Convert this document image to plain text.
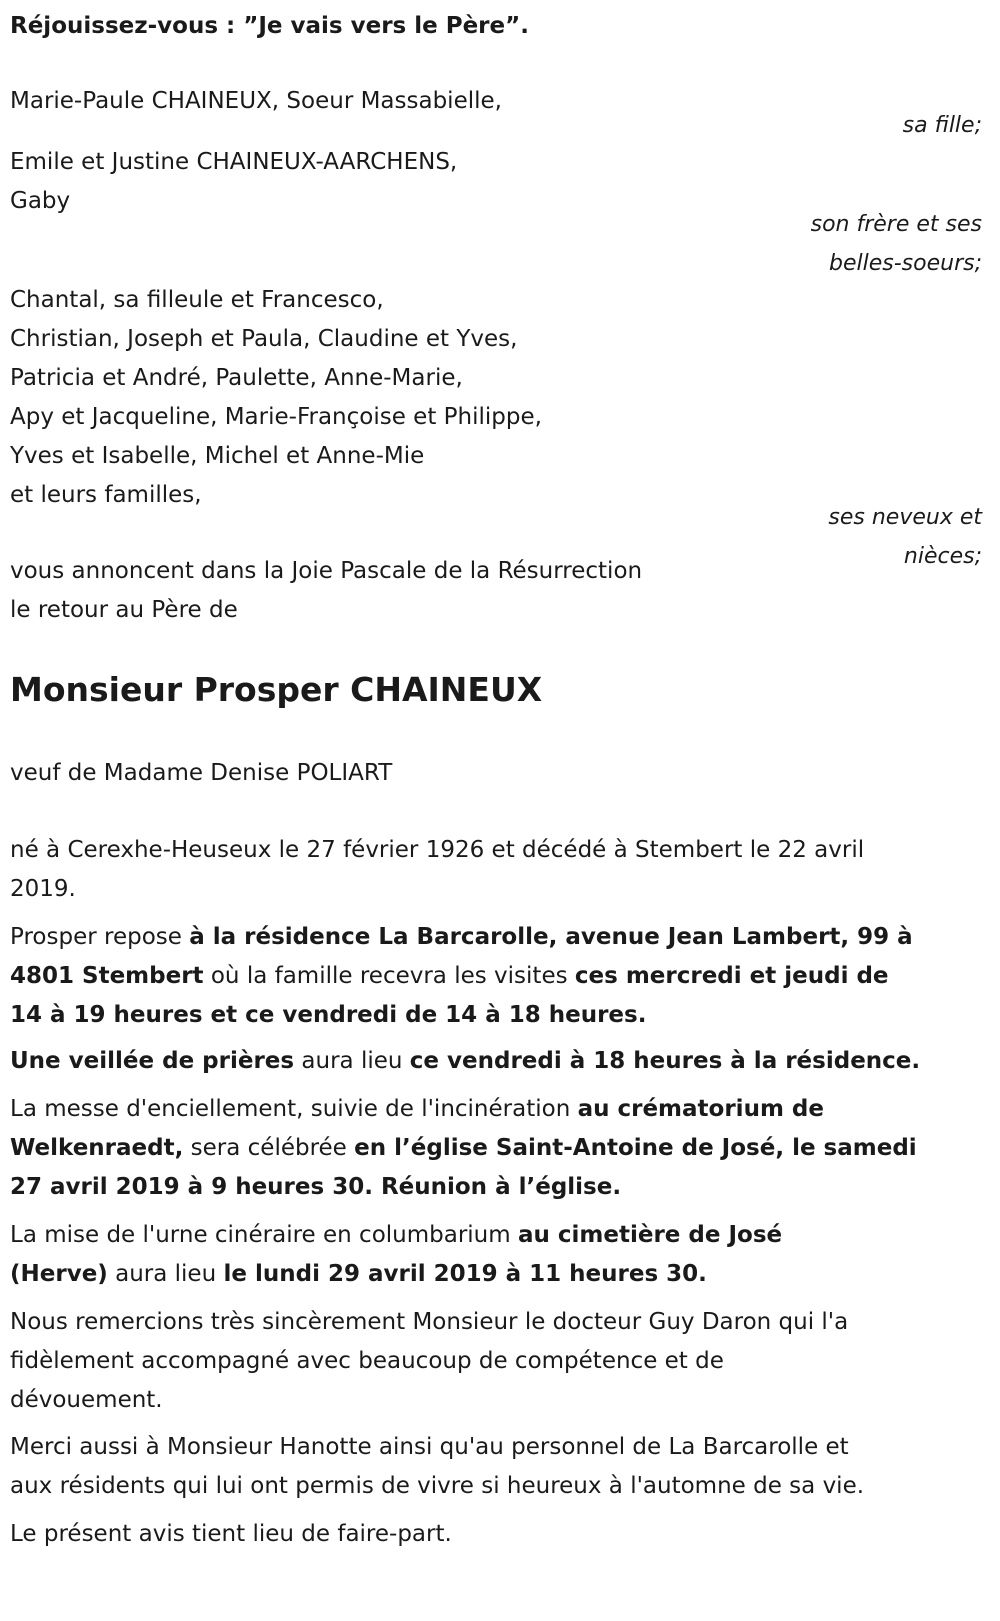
Réjouissez-vous : ”Je vais vers le Père”.
Marie-Paule CHAINEUX, Soeur Massabielle,
sa fille;
Emile et Justine CHAINEUX-AARCHENS,
Gaby
son frère et ses
belles-soeurs;
Chantal, sa filleule et Francesco,
Christian, Joseph et Paula, Claudine et Yves,
Patricia et André, Paulette, Anne-Marie,
Apy et Jacqueline, Marie-Françoise et Philippe,
Yves et Isabelle, Michel et Anne-Mie
et leurs familles,
ses neveux et
nièces;
vous annoncent dans la Joie Pascale de la Résurrection
le retour au Père de
Monsieur Prosper CHAINEUX
veuf de Madame Denise POLIART
né à Cerexhe-Heuseux le 27 février 1926 et décédé à Stembert le 22 avril
2019.
Prosper repose à la résidence La Barcarolle, avenue Jean Lambert, 99 à
4801 Stembert où la famille recevra les visites ces mercredi et jeudi de
14 à 19 heures et ce vendredi de 14 à 18 heures.
Une veillée de prières aura lieu ce vendredi à 18 heures à la résidence.
La messe d'enciellement, suivie de l'incinération au crématorium de
Welkenraedt, sera célébrée en l’église Saint-Antoine de José, le samedi
27 avril 2019 à 9 heures 30. Réunion à l’église.
La mise de l'urne cinéraire en columbarium au cimetière de José
(Herve) aura lieu le lundi 29 avril 2019 à 11 heures 30.
Nous remercions très sincèrement Monsieur le docteur Guy Daron qui l'a
fidèlement accompagné avec beaucoup de compétence et de
dévouement.
Merci aussi à Monsieur Hanotte ainsi qu'au personnel de La Barcarolle et
aux résidents qui lui ont permis de vivre si heureux à l'automne de sa vie.
Le présent avis tient lieu de faire-part.
